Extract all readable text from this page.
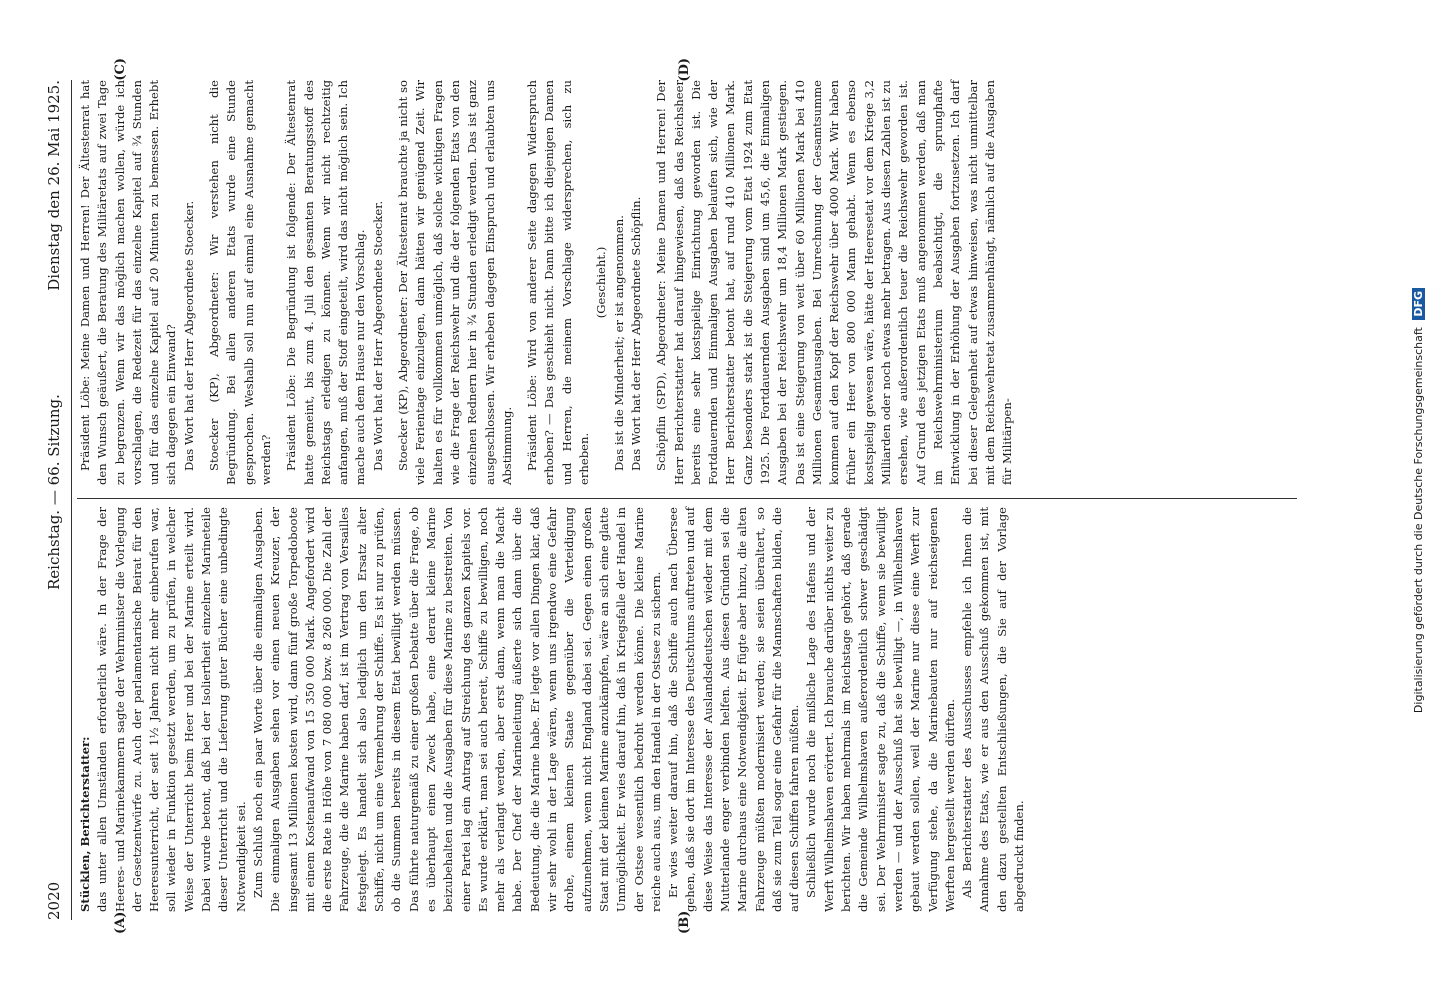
2020
Reichstag. — 66. Sitzung.
Dienstag den 26. Mai 1925.
(A)	(B)
(C)	(D)

Stücklen, Berichterstatter: das unter allen Umständen erforderlich wäre. In der Frage der Heeres- und Marinekammern sagte der Wehrminister die Vorlegung der Gesetzentwürfe zu. Auch der parlamentarische Beirat für den Heeresunterricht, der seit 1½ Jahren nicht mehr einberufen war, soll wieder in Funktion gesetzt werden, um zu prüfen, in welcher Weise der Unterricht beim Heer und bei der Marine erteilt wird. Dabei wurde betont, daß bei der Isoliertheit einzelner Marineteile dieser Unterricht und die Lieferung guter Bücher eine unbedingte Notwendigkeit sei. Zum Schluß noch ein paar Worte über die einmaligen Ausgaben. Die einmaligen Ausgaben sehen vor einen neuen Kreuzer, der insgesamt 13 Millionen kosten wird, dann fünf große Torpedoboote mit einem Kostenaufwand von 15 350 000 Mark. Angefordert wird die erste Rate in Höhe von 7 080 000 bzw. 8 260 000. Die Zahl der Fahrzeuge, die die Marine haben darf, ist im Vertrag von Versailles festgelegt. Es handelt sich also lediglich um den Ersatz alter Schiffe, nicht um eine Vermehrung der Schiffe. Es ist nur zu prüfen, ob die Summen bereits in diesem Etat bewilligt werden müssen. Das führte naturgemäß zu einer großen Debatte über die Frage, ob es überhaupt einen Zweck habe, eine derart kleine Marine beizubehalten und die Ausgaben für diese Marine zu bestreiten. Von einer Partei lag ein Antrag auf Streichung des ganzen Kapitels vor. Es wurde erklärt, man sei auch bereit, Schiffe zu bewilligen, noch mehr als verlangt werden, aber erst dann, wenn man die Macht habe. Der Chef der Marineleitung äußerte sich dann über die Bedeutung, die die Marine habe. Er legte vor allen Dingen klar, daß wir sehr wohl in der Lage wären, wenn uns irgendwo eine Gefahr drohe, einem kleinen Staate gegenüber die Verteidigung aufzunehmen, wenn nicht England dabei sei. Gegen einen großen Staat mit der kleinen Marine anzukämpfen, wäre an sich eine glatte Unmöglichkeit. Er wies darauf hin, daß in Kriegsfalle der Handel in der Ostsee wesentlich bedroht werden könne. Die kleine Marine reiche auch aus, um den Handel in der Ostsee zu sichern. Er wies weiter darauf hin, daß die Schiffe auch nach Übersee gehen, daß sie dort im Interesse des Deutschtums auftreten und auf diese Weise das Interesse der Auslandsdeutschen wieder mit dem Mutterlande enger verbinden helfen. Aus diesen Gründen sei die Marine durchaus eine Notwendigkeit. Er fügte aber hinzu, die alten Fahrzeuge müßten modernisiert werden; sie seien überaltert, so daß sie zum Teil sogar eine Gefahr für die Mannschaften bilden, die auf diesen Schiffen fahren müßten. Schließlich wurde noch die mißliche Lage des Hafens und der Werft Wilhelmshaven erörtert. Ich brauche darüber nichts weiter zu berichten. Wir haben mehrmals im Reichstage gehört, daß gerade die Gemeinde Wilhelmshaven außerordentlich schwer geschädigt sei. Der Wehrminister sagte zu, daß die Schiffe, wenn sie bewilligt werden — und der Ausschuß hat sie bewilligt —, in Wilhelmshaven gebaut werden sollen, weil der Marine nur diese eine Werft zur Verfügung stehe, da die Marinebauten nur auf reichseigenen Werften hergestellt werden dürften. Als Berichterstatter des Ausschusses empfehle ich Ihnen die Annahme des Etats, wie er aus den Ausschuß gekommen ist, mit den dazu gestellten Entschließungen, die Sie auf der Vorlage abgedruckt finden.

Präsident Löbe: Meine Damen und Herren! Der Ältestenrat hat den Wunsch geäußert, die Beratung des Militäretats auf zwei Tage zu begrenzen. Wenn wir das möglich machen wollen, würde ich vorschlagen, die Redezeit für das einzelne Kapitel auf ¾ Stunden und für das einzelne Kapitel auf 20 Minuten zu bemessen. Erhebt sich dagegen ein Einwand? Das Wort hat der Herr Abgeordnete Stoecker. Stoecker (KP), Abgeordneter: Wir verstehen nicht die Begründung. Bei allen anderen Etats wurde eine Stunde gesprochen. Weshalb soll nun auf einmal eine Ausnahme gemacht werden? Präsident Löbe: Die Begründung ist folgende: Der Ältestenrat hatte gemeint, bis zum 4. Juli den gesamten Beratungsstoff des Reichstags erledigen zu können. Wenn wir nicht rechtzeitig anfangen, muß der Stoff eingeteilt, wird das nicht möglich sein. Ich mache auch dem Hause nur den Vorschlag. Das Wort hat der Herr Abgeordnete Stoecker. Stoecker (KP), Abgeordneter: Der Ältestenrat brauchte ja nicht so viele Ferientage einzulegen, dann hätten wir genügend Zeit. Wir halten es für vollkommen unmöglich, daß solche wichtigen Fragen wie die Frage der Reichswehr und die der folgenden Etats von den einzelnen Rednern hier in ¾ Stunden erledigt werden. Das ist ganz ausgeschlossen. Wir erheben dagegen Einspruch und erlaubten uns Abstimmung. Präsident Löbe: Wird von anderer Seite dagegen Widerspruch erhoben? — Das geschieht nicht. Dann bitte ich diejenigen Damen und Herren, die meinem Vorschlage widersprechen, sich zu erheben.

(Geschieht.) Das ist die Minderheit; er ist angenommen. Das Wort hat der Herr Abgeordnete Schöpflin. Schöpflin (SPD), Abgeordneter: Meine Damen und Herren! Der Herr Berichterstatter hat darauf hingewiesen, daß das Reichsheer bereits eine sehr kostspielige Einrichtung geworden ist. Die Fortdauernden und Einmaligen Ausgaben belaufen sich, wie der Herr Berichterstatter betont hat, auf rund 410 Millionen Mark. Ganz besonders stark ist die Steigerung vom Etat 1924 zum Etat 1925. Die Fortdauernden Ausgaben sind um 45,6, die Einmaligen Ausgaben bei der Reichswehr um 18,4 Millionen Mark gestiegen. Das ist eine Steigerung von weit über 60 Millionen Mark bei 410 Millionen Gesamtausgaben. Bei Umrechnung der Gesamtsumme kommen auf den Kopf der Reichswehr über 4000 Mark. Wir haben früher ein Heer von 800 000 Mann gehabt. Wenn es ebenso kostspielig gewesen wäre, hätte der Heeresetat vor dem Kriege 3,2 Milliarden oder noch etwas mehr betragen. Aus diesen Zahlen ist zu ersehen, wie außerordentlich teuer die Reichswehr geworden ist. Auf Grund des jetzigen Etats muß angenommen werden, daß man im Reichswehrministerium beabsichtigt, die sprunghafte Entwicklung in der Erhöhung der Ausgaben fortzusetzen. Ich darf bei dieser Gelegenheit auf etwas hinweisen, was nicht unmittelbar mit dem Reichswehretat zusammenhängt, nämlich auf die Ausgaben für Militärpen-	Digitalisierung gefördert durch die Deutsche Forschungsgemeinschaft DFG
